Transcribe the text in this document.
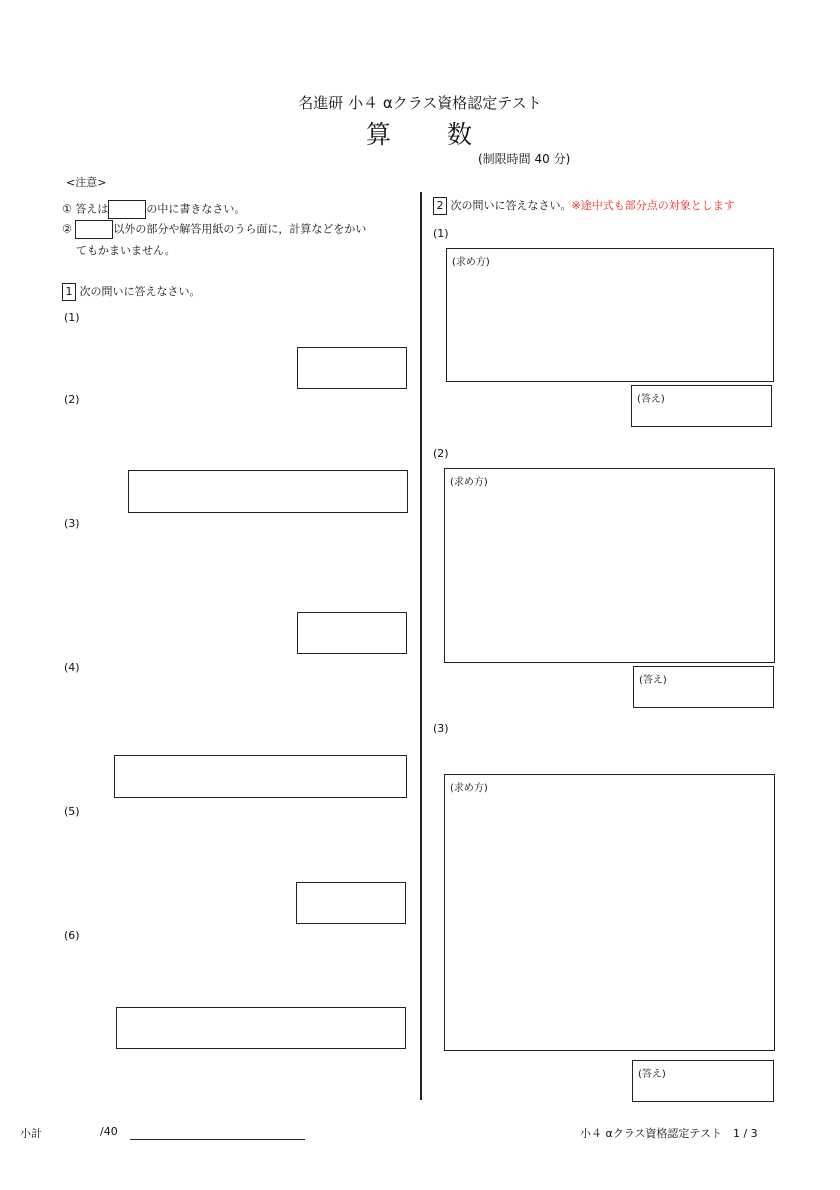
名進研 小４ αクラス資格認定テスト
算　　数
(制限時間 40 分)
<注意>
① 答えは	の中に書きなさい。
②	以外の部分や解答用紙のうら面に，計算などをかい
てもかまいません。
1 次の問いに答えなさい。
(1)
(2)
(3)
(4)
(5)
(6)
2 次の問いに答えなさい。※途中式も部分点の対象とします
(1)
(求め方)
(答え)
(2)
(求め方)
(答え)
(3)
(求め方)
(答え)
小計	/40	小４ αクラス資格認定テスト　1 / 3
